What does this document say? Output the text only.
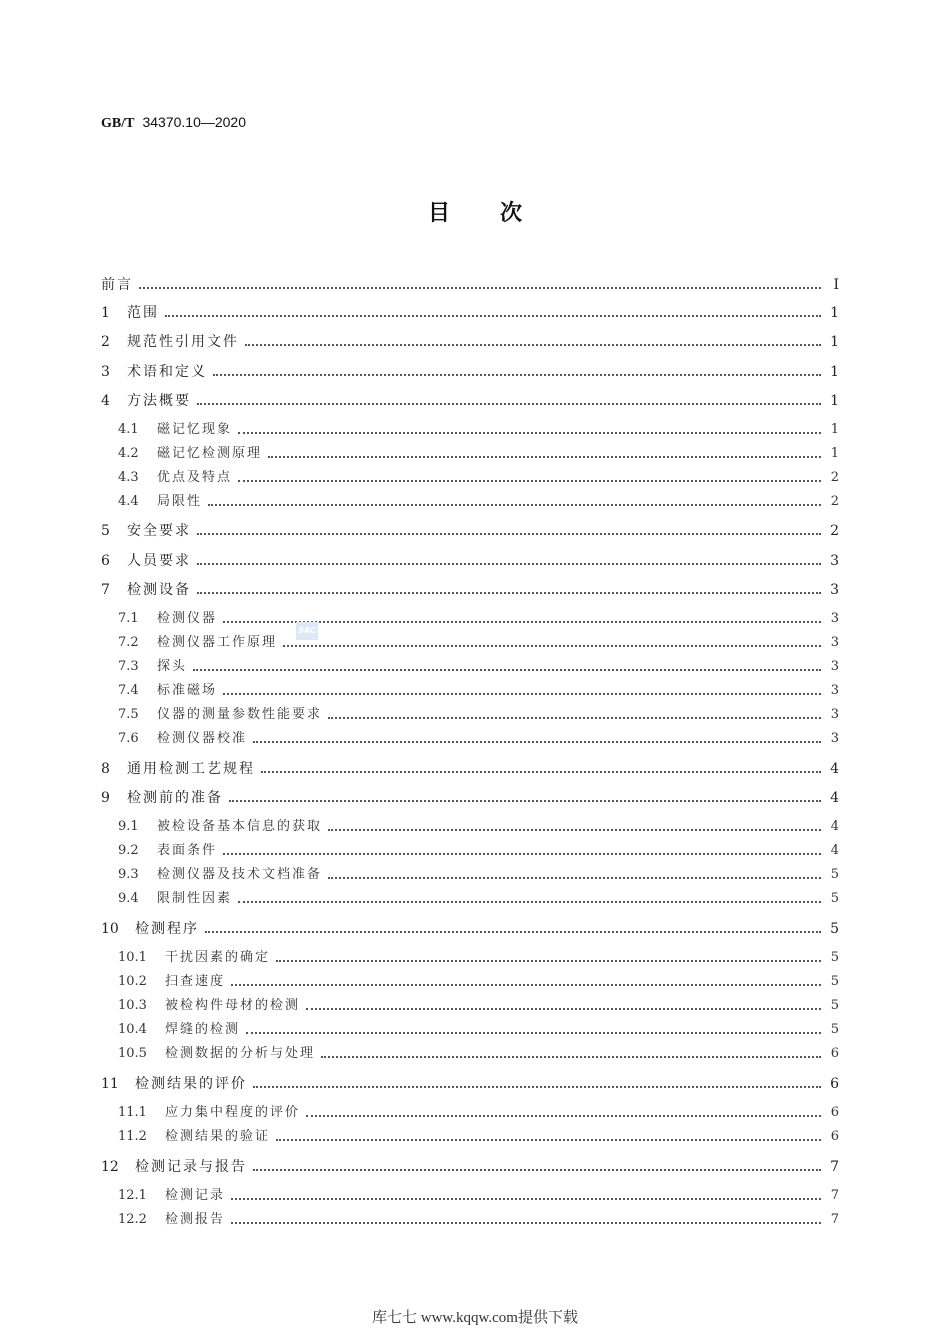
GB/T 34370.10—2020
目次
前言	I
1	范围	1
2	规范性引用文件	1
3	术语和定义	1
4	方法概要	1
4.1	磁记忆现象	1
4.2	磁记忆检测原理	1
4.3	优点及特点	2
4.4	局限性	2
5	安全要求	2
6	人员要求	3
7	检测设备	3
7.1	检测仪器	3
7.2	检测仪器工作原理	3
7.3	探头	3
7.4	标准磁场	3
7.5	仪器的测量参数性能要求	3
7.6	检测仪器校准	3
8	通用检测工艺规程	4
9	检测前的准备	4
9.1	被检设备基本信息的获取	4
9.2	表面条件	4
9.3	检测仪器及技术文档准备	5
9.4	限制性因素	5
10	检测程序	5
10.1	干扰因素的确定	5
10.2	扫查速度	5
10.3	被检构件母材的检测	5
10.4	焊缝的检测	5
10.5	检测数据的分析与处理	6
11	检测结果的评价	6
11.1	应力集中程度的评价	6
11.2	检测结果的验证	6
12	检测记录与报告	7
12.1	检测记录	7
12.2	检测报告	7
SAC
库七七 www.kqqw.com提供下载
